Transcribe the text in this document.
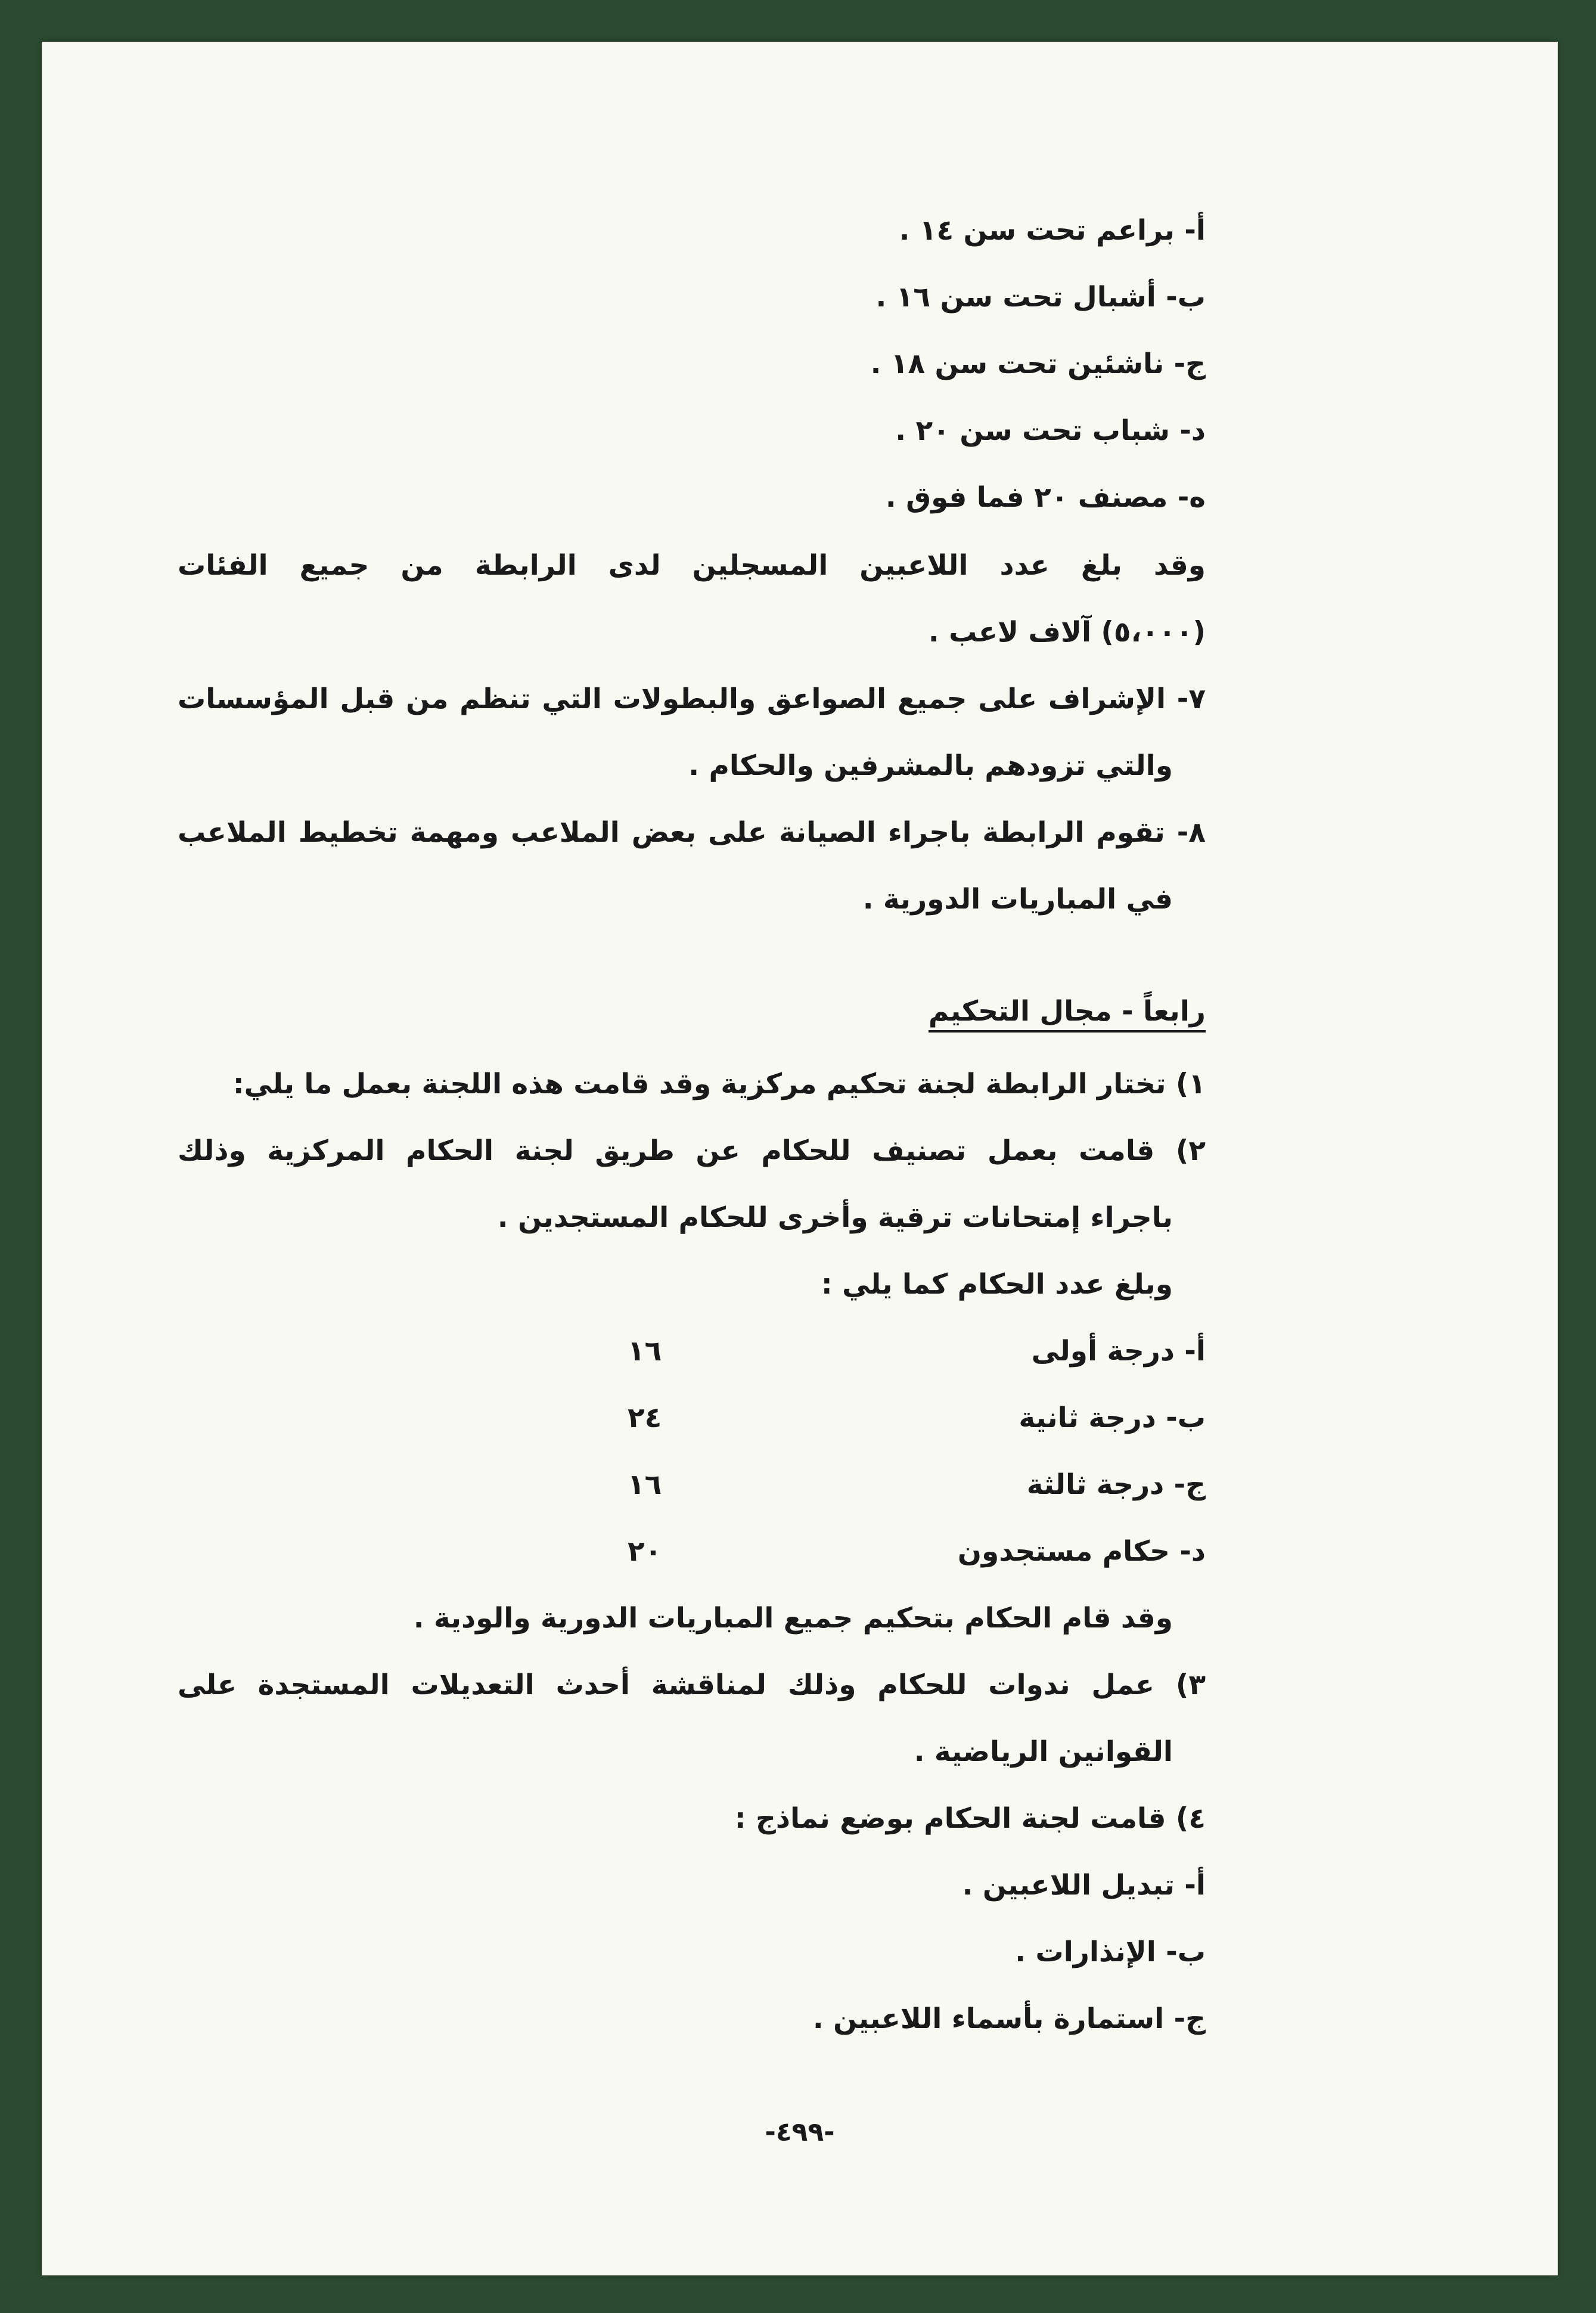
أ- براعم تحت سن ١٤ .
ب- أشبال تحت سن ١٦ .
ج- ناشئين تحت سن ١٨ .
د- شباب تحت سن ٢٠ .
ه- مصنف ٢٠ فما فوق .
وقد بلغ عدد اللاعبين المسجلين لدى الرابطة من جميع الفئات
(٥،٠٠٠) آلاف لاعب .
٧- الإشراف على جميع الصواعق والبطولات التي تنظم من قبل المؤسسات
والتي تزودهم بالمشرفين والحكام .
٨- تقوم الرابطة باجراء الصيانة على بعض الملاعب ومهمة تخطيط الملاعب
في المباريات الدورية .
رابعاً - مجال التحكيم
١) تختار الرابطة لجنة تحكيم مركزية وقد قامت هذه اللجنة بعمل ما يلي:
٢) قامت بعمل تصنيف للحكام عن طريق لجنة الحكام المركزية وذلك
باجراء إمتحانات ترقية وأخرى للحكام المستجدين .
وبلغ عدد الحكام كما يلي :
أ- درجة أولى
١٦
ب- درجة ثانية
٢٤
ج- درجة ثالثة
١٦
د- حكام مستجدون
٢٠
وقد قام الحكام بتحكيم جميع المباريات الدورية والودية .
٣) عمل ندوات للحكام وذلك لمناقشة أحدث التعديلات المستجدة على
القوانين الرياضية .
٤) قامت لجنة الحكام بوضع نماذج :
أ- تبديل اللاعبين .
ب- الإنذارات .
ج- استمارة بأسماء اللاعبين .
-٤٩٩-
